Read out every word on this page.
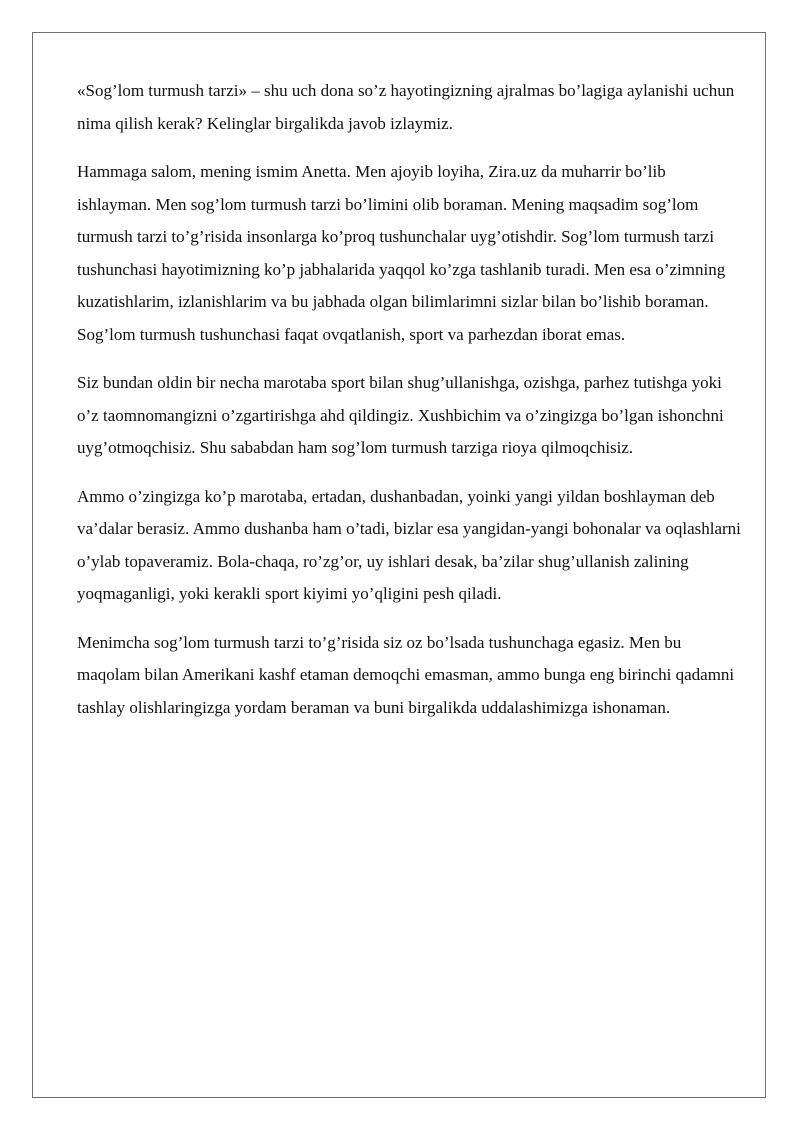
«Sog’lom turmush tarzi» – shu uch dona so’z hayotingizning ajralmas bo’lagiga aylanishi uchun nima qilish kerak? Kelinglar birgalikda javob izlaymiz.

Hammaga salom, mening ismim Anetta. Men ajoyib loyiha, Zira.uz da muharrir bo’lib ishlayman. Men sog’lom turmush tarzi bo’limini olib boraman. Mening maqsadim sog’lom turmush tarzi to’g’risida insonlarga ko’proq tushunchalar uyg’otishdir. Sog’lom turmush tarzi tushunchasi hayotimizning ko’p jabhalarida yaqqol ko’zga tashlanib turadi. Men esa o’zimning kuzatishlarim, izlanishlarim va bu jabhada olgan bilimlarimni sizlar bilan bo’lishib boraman. Sog’lom turmush tushunchasi faqat ovqatlanish, sport va parhezdan iborat emas.

Siz bundan oldin bir necha marotaba sport bilan shug’ullanishga, ozishga, parhez tutishga yoki o’z taomnomangizni o’zgartirishga ahd qildingiz. Xushbichim va o’zingizga bo’lgan ishonchni uyg’otmoqchisiz. Shu sababdan ham sog’lom turmush tarziga rioya qilmoqchisiz.

Ammo o’zingizga ko’p marotaba, ertadan, dushanbadan, yoinki yangi yildan boshlayman deb va’dalar berasiz. Ammo dushanba ham o’tadi, bizlar esa yangidan-yangi bohonalar va oqlashlarni o’ylab topaveramiz. Bola-chaqa, ro’zg’or, uy ishlari desak, ba’zilar shug’ullanish zalining yoqmaganligi, yoki kerakli sport kiyimi yo’qligini pesh qiladi.

Menimcha sog’lom turmush tarzi to’g’risida siz oz bo’lsada tushunchaga egasiz. Men bu maqolam bilan Amerikani kashf etaman demoqchi emasman, ammo bunga eng birinchi qadamni tashlay olishlaringizga yordam beraman va buni birgalikda uddalashimizga ishonaman.
